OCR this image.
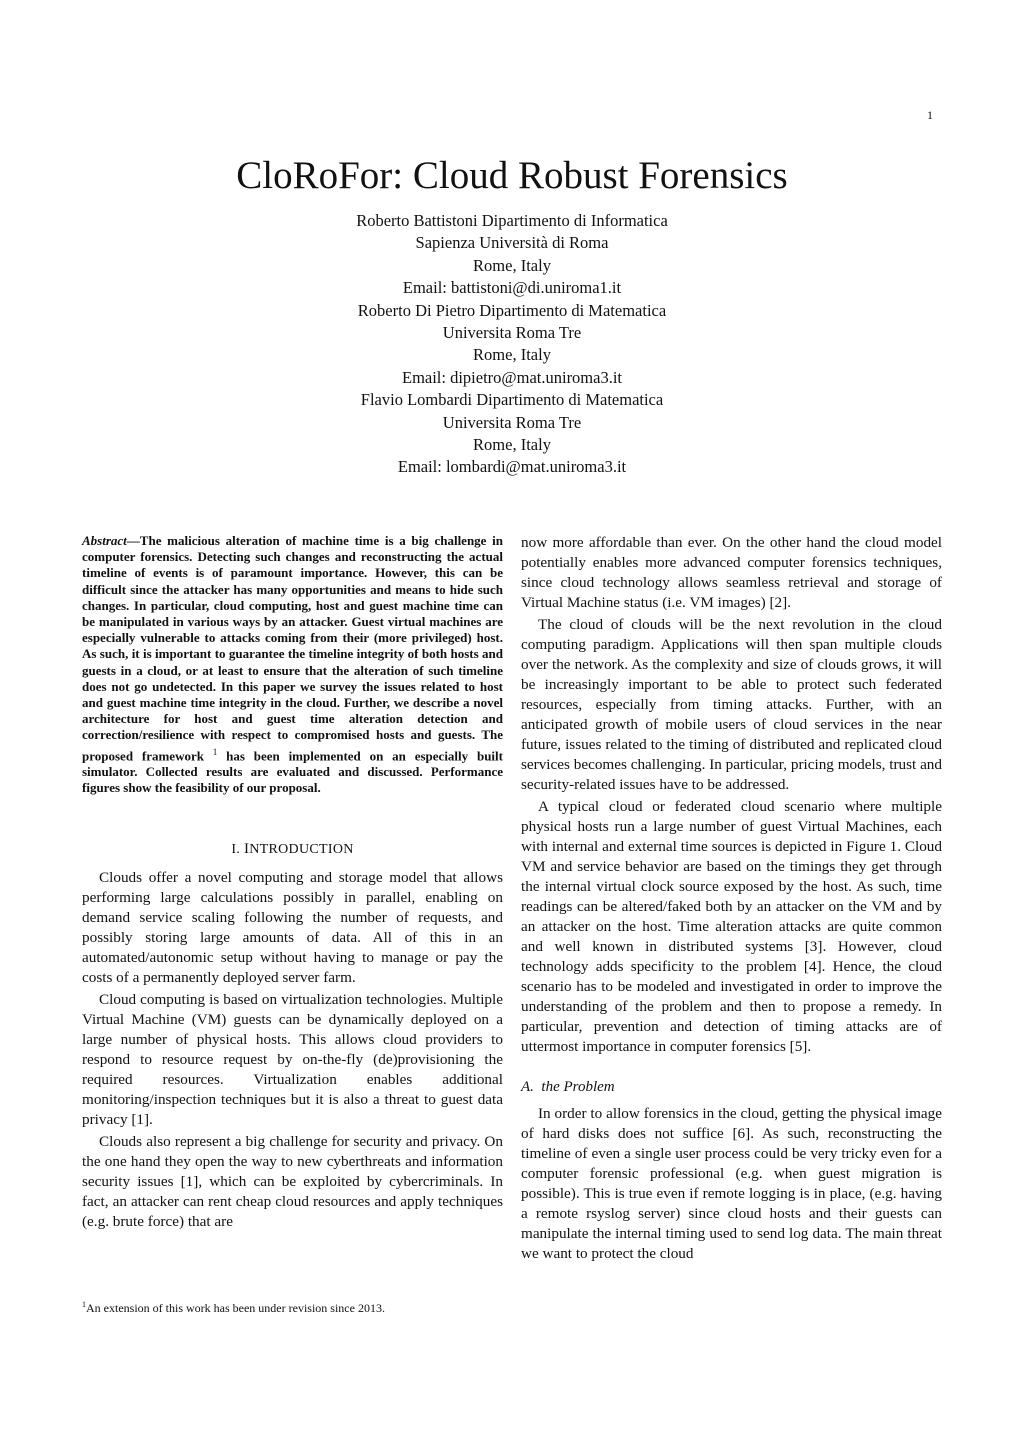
1
CloRoFor: Cloud Robust Forensics
Roberto Battistoni Dipartimento di Informatica
Sapienza Università di Roma
Rome, Italy
Email: battistoni@di.uniroma1.it
Roberto Di Pietro Dipartimento di Matematica
Universita Roma Tre
Rome, Italy
Email: dipietro@mat.uniroma3.it
Flavio Lombardi Dipartimento di Matematica
Universita Roma Tre
Rome, Italy
Email: lombardi@mat.uniroma3.it

Abstract—The malicious alteration of machine time is a big challenge in computer forensics. Detecting such changes and reconstructing the actual timeline of events is of paramount importance. However, this can be difficult since the attacker has many opportunities and means to hide such changes. In particular, cloud computing, host and guest machine time can be manipulated in various ways by an attacker. Guest virtual machines are especially vulnerable to attacks coming from their (more privileged) host. As such, it is important to guarantee the timeline integrity of both hosts and guests in a cloud, or at least to ensure that the alteration of such timeline does not go undetected. In this paper we survey the issues related to host and guest machine time integrity in the cloud. Further, we describe a novel architecture for host and guest time alteration detection and correction/resilience with respect to compromised hosts and guests. The proposed framework $^1$ has been implemented on an especially built simulator. Collected results are evaluated and discussed. Performance figures show the feasibility of our proposal.

I. INTRODUCTION

Clouds offer a novel computing and storage model that allows performing large calculations possibly in parallel, enabling on demand service scaling following the number of requests, and possibly storing large amounts of data. All of this in an automated/autonomic setup without having to manage or pay the costs of a permanently deployed server farm.

Cloud computing is based on virtualization technologies. Multiple Virtual Machine (VM) guests can be dynamically deployed on a large number of physical hosts. This allows cloud providers to respond to resource request by on-the-fly (de)provisioning the required resources. Virtualization enables additional monitoring/inspection techniques but it is also a threat to guest data privacy [1].

Clouds also represent a big challenge for security and privacy. On the one hand they open the way to new cyberthreats and information security issues [1], which can be exploited by cybercriminals. In fact, an attacker can rent cheap cloud resources and apply techniques (e.g. brute force) that are

now more affordable than ever. On the other hand the cloud model potentially enables more advanced computer forensics techniques, since cloud technology allows seamless retrieval and storage of Virtual Machine status (i.e. VM images) [2].

The cloud of clouds will be the next revolution in the cloud computing paradigm. Applications will then span multiple clouds over the network. As the complexity and size of clouds grows, it will be increasingly important to be able to protect such federated resources, especially from timing attacks. Further, with an anticipated growth of mobile users of cloud services in the near future, issues related to the timing of distributed and replicated cloud services becomes challenging. In particular, pricing models, trust and security-related issues have to be addressed.

A typical cloud or federated cloud scenario where multiple physical hosts run a large number of guest Virtual Machines, each with internal and external time sources is depicted in Figure 1. Cloud VM and service behavior are based on the timings they get through the internal virtual clock source exposed by the host. As such, time readings can be altered/faked both by an attacker on the VM and by an attacker on the host. Time alteration attacks are quite common and well known in distributed systems [3]. However, cloud technology adds specificity to the problem [4]. Hence, the cloud scenario has to be modeled and investigated in order to improve the understanding of the problem and then to propose a remedy. In particular, prevention and detection of timing attacks are of uttermost importance in computer forensics [5].

A. the Problem

In order to allow forensics in the cloud, getting the physical image of hard disks does not suffice [6]. As such, reconstructing the timeline of even a single user process could be very tricky even for a computer forensic professional (e.g. when guest migration is possible). This is true even if remote logging is in place, (e.g. having a remote rsyslog server) since cloud hosts and their guests can manipulate the internal timing used to send log data. The main threat we want to protect the cloud

$^1$An extension of this work has been under revision since 2013.
